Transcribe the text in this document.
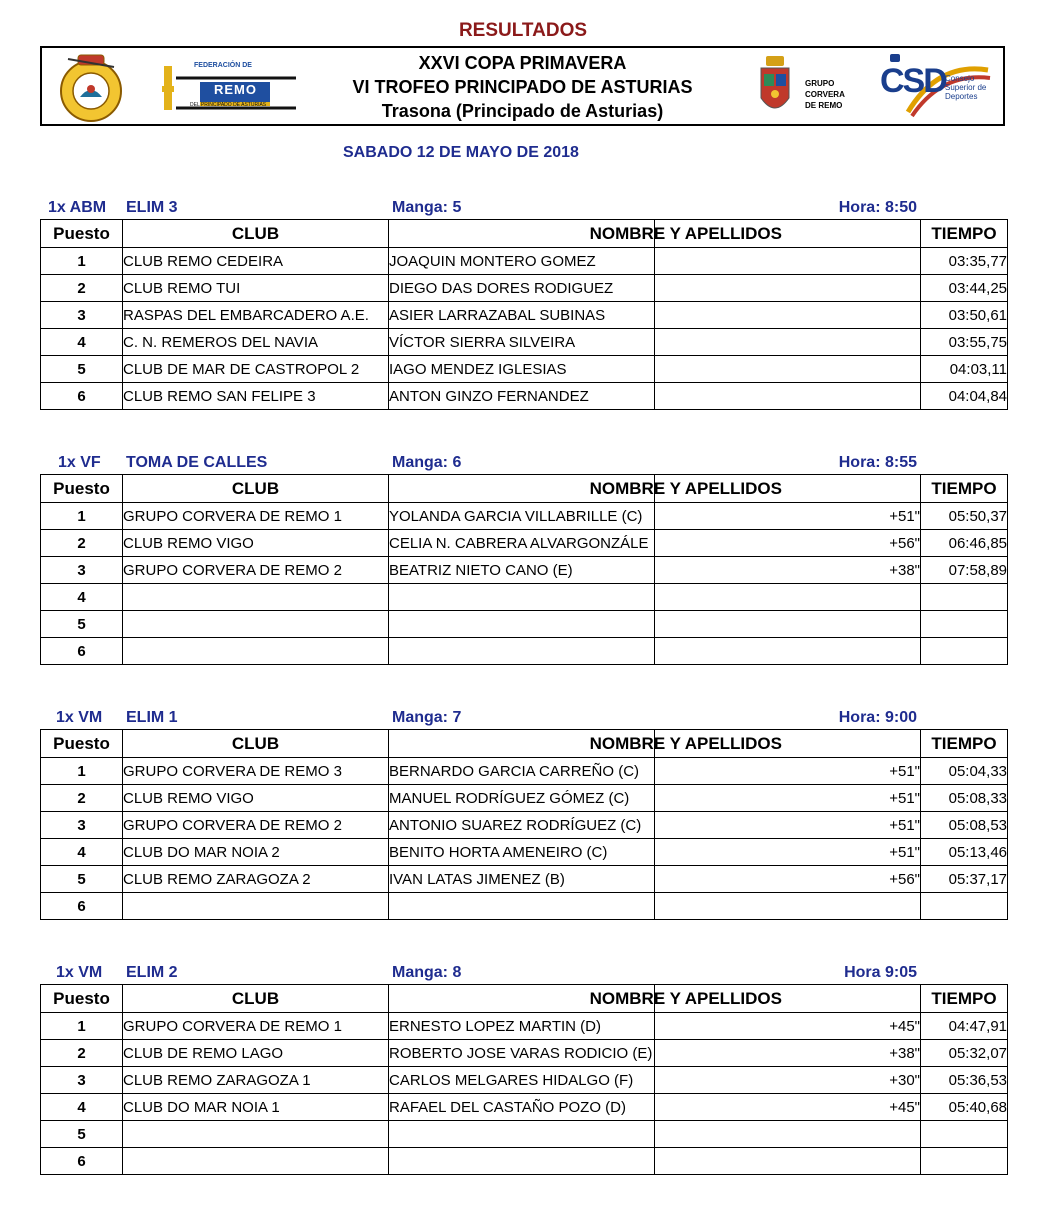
RESULTADOS
FEDERACIÓN DE
REMO
DEL PRINCIPADO DE ASTURIAS
XXVI COPA PRIMAVERA
VI TROFEO PRINCIPADO DE ASTURIAS
Trasona (Principado de Asturias)
GRUPO
CORVERA
DE REMO
CSD Consejo
Superior de
Deportes
SABADO 12 DE MAYO DE 2018
1x ABM ELIM 3	Manga: 5	Hora: 8:50
Puesto	CLUB	NOMBRE Y APELLIDOS		TIEMPO
1	CLUB REMO CEDEIRA	JOAQUIN MONTERO GOMEZ		03:35,77
2	CLUB REMO TUI	DIEGO DAS DORES RODIGUEZ		03:44,25
3	RASPAS DEL EMBARCADERO A.E.	ASIER LARRAZABAL SUBINAS		03:50,61
4	C. N. REMEROS DEL NAVIA	VÍCTOR SIERRA SILVEIRA		03:55,75
5	CLUB DE MAR DE CASTROPOL 2	IAGO MENDEZ IGLESIAS		04:03,11
6	CLUB REMO SAN FELIPE 3	ANTON GINZO FERNANDEZ		04:04,84
1x VF TOMA DE CALLES	Manga: 6	Hora: 8:55
Puesto	CLUB	NOMBRE Y APELLIDOS		TIEMPO
1	GRUPO CORVERA DE REMO 1	YOLANDA GARCIA VILLABRILLE (C)	+51"	05:50,37
2	CLUB REMO VIGO	CELIA N. CABRERA ALVARGONZÁLE	+56"	06:46,85
3	GRUPO CORVERA DE REMO 2	BEATRIZ NIETO CANO (E)	+38"	07:58,89
4				
5				
6				
1x VM ELIM 1	Manga: 7	Hora: 9:00
Puesto	CLUB	NOMBRE Y APELLIDOS		TIEMPO
1	GRUPO CORVERA DE REMO 3	BERNARDO GARCIA CARREÑO (C)	+51"	05:04,33
2	CLUB REMO VIGO	MANUEL RODRÍGUEZ GÓMEZ (C)	+51"	05:08,33
3	GRUPO CORVERA DE REMO 2	ANTONIO SUAREZ RODRÍGUEZ (C)	+51"	05:08,53
4	CLUB DO MAR NOIA 2	BENITO HORTA AMENEIRO (C)	+51"	05:13,46
5	CLUB REMO ZARAGOZA 2	IVAN LATAS JIMENEZ (B)	+56"	05:37,17
6				
1x VM ELIM 2	Manga: 8	Hora 9:05
Puesto	CLUB	NOMBRE Y APELLIDOS		TIEMPO
1	GRUPO CORVERA DE REMO 1	ERNESTO LOPEZ MARTIN (D)	+45"	04:47,91
2	CLUB DE REMO LAGO	ROBERTO JOSE VARAS RODICIO (E)	+38"	05:32,07
3	CLUB REMO ZARAGOZA 1	CARLOS MELGARES HIDALGO (F)	+30"	05:36,53
4	CLUB DO MAR NOIA 1	RAFAEL DEL CASTAÑO POZO (D)	+45"	05:40,68
5				
6				
